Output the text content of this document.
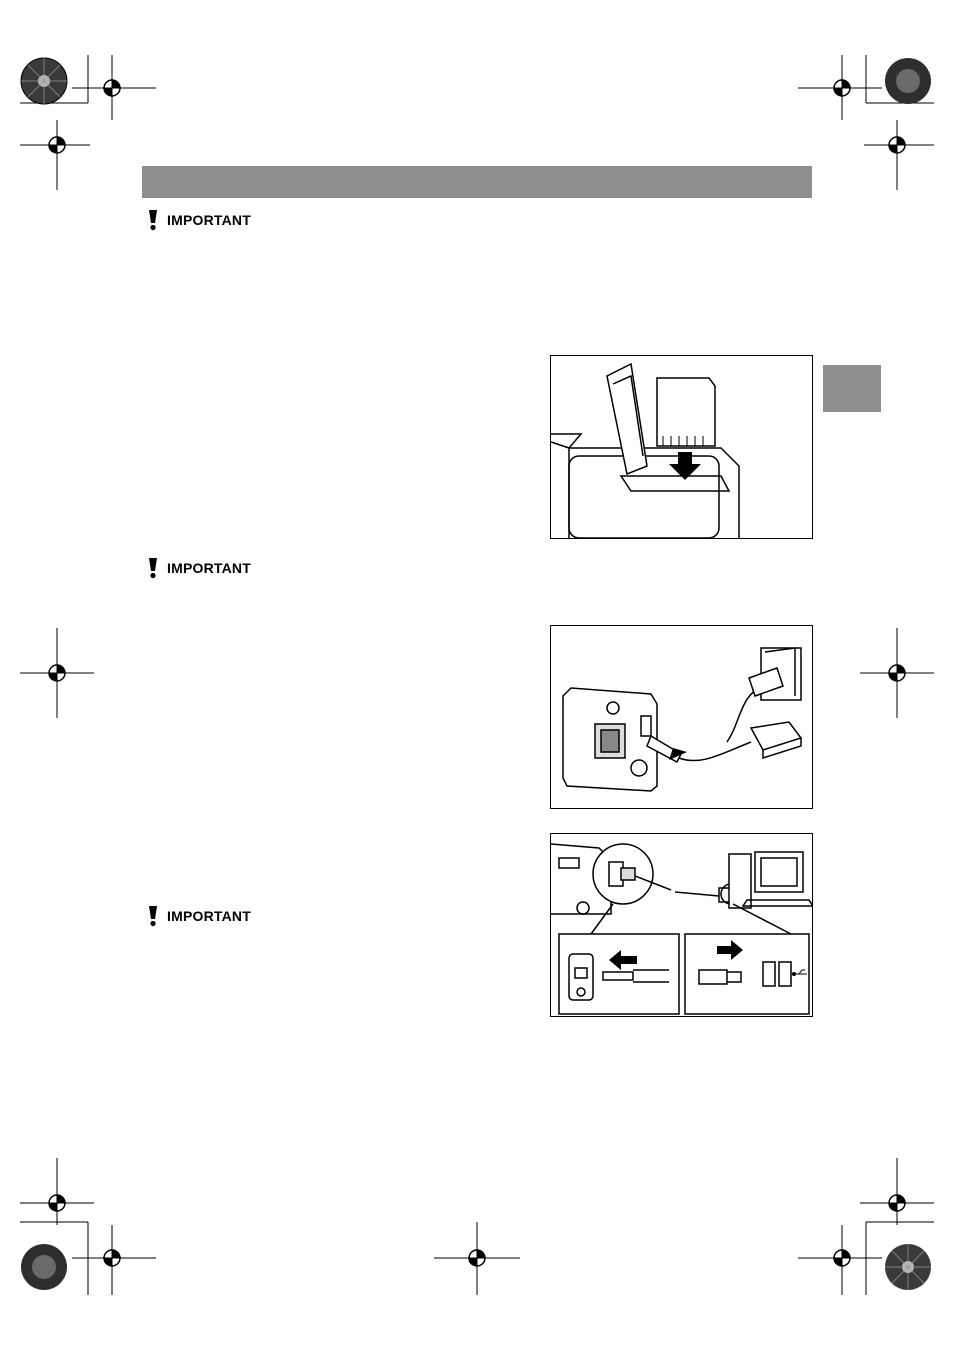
IMPORTANT
IMPORTANT
IMPORTANT
